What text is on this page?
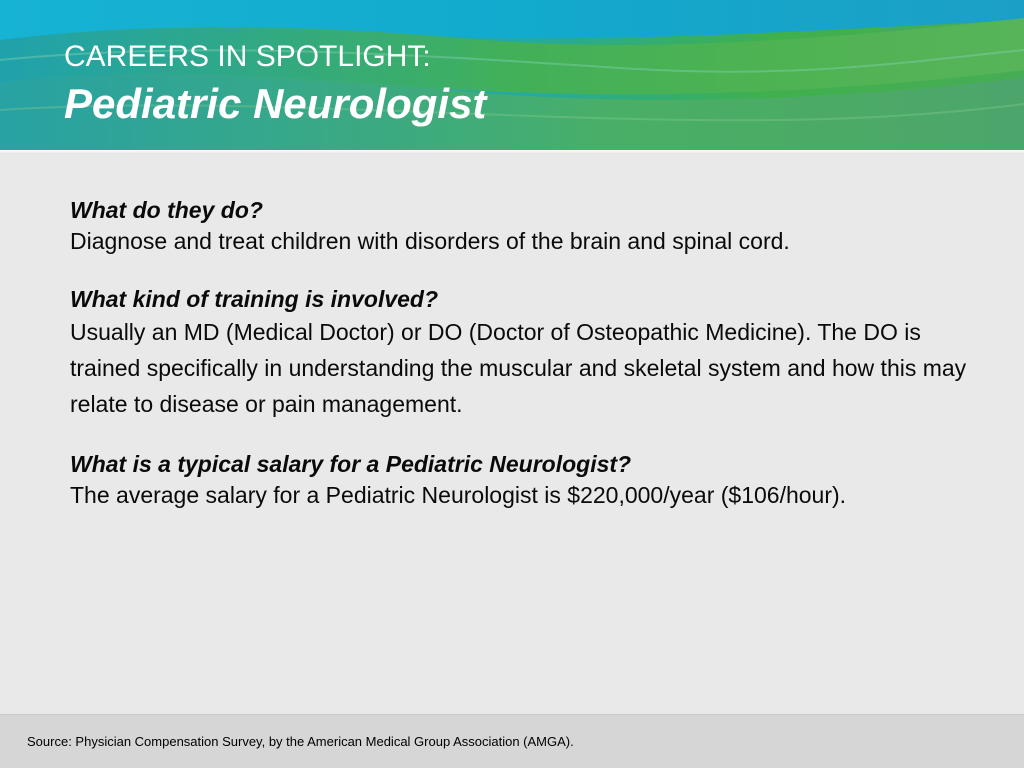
CAREERS IN SPOTLIGHT:
Pediatric Neurologist

What do they do?

Diagnose and treat children with disorders of the brain and spinal cord.

What kind of training is involved?

Usually an MD (Medical Doctor) or DO (Doctor of Osteopathic Medicine). The DO is trained specifically in understanding the muscular and skeletal system and how this may relate to disease or pain management.

What is a typical salary for a Pediatric Neurologist?

The average salary for a Pediatric Neurologist is $220,000/year ($106/hour).

Source: Physician Compensation Survey, by the American Medical Group Association (AMGA).
